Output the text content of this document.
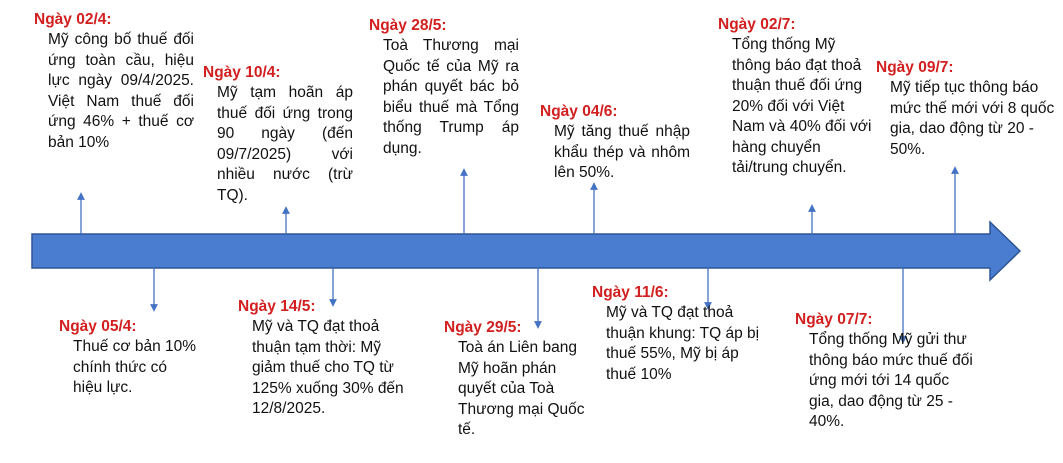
Ngày 02/4:
Mỹ công bố thuế đối ứng toàn cầu, hiệu lực ngày 09/4/2025. Việt Nam thuế đối ứng 46% + thuế cơ bản 10%
Ngày 10/4:
Mỹ tạm hoãn áp thuế đối ứng trong 90 ngày (đến 09/7/2025) với nhiều nước (trừ TQ).
Ngày 28/5:
Toà Thương mại Quốc tế của Mỹ ra phán quyết bác bỏ biểu thuế mà Tổng thống Trump áp dụng.
Ngày 04/6:
Mỹ tăng thuế nhập khẩu thép và nhôm lên 50%.
Ngày 02/7:
Tổng thống Mỹ thông báo đạt thoả thuận thuế đối ứng 20% đối với Việt Nam và 40% đối với hàng chuyển tải/trung chuyển.
Ngày 09/7:
Mỹ tiếp tục thông báo mức thế mới với 8 quốc gia, dao động từ 20 - 50%.
Ngày 05/4:
Thuế cơ bản 10% chính thức có hiệu lực.
Ngày 14/5:
Mỹ và TQ đạt thoả thuận tạm thời: Mỹ giảm thuế cho TQ từ 125% xuống 30% đến 12/8/2025.
Ngày 29/5:
Toà án Liên bang Mỹ hoãn phán quyết của Toà Thương mại Quốc tế.
Ngày 11/6:
Mỹ và TQ đạt thoả thuận khung: TQ áp bị thuế 55%, Mỹ bị áp thuế 10%
Ngày 07/7:
Tổng thống Mỹ gửi thư thông báo mức thuế đối ứng mới tới 14 quốc gia, dao động từ 25 - 40%.
